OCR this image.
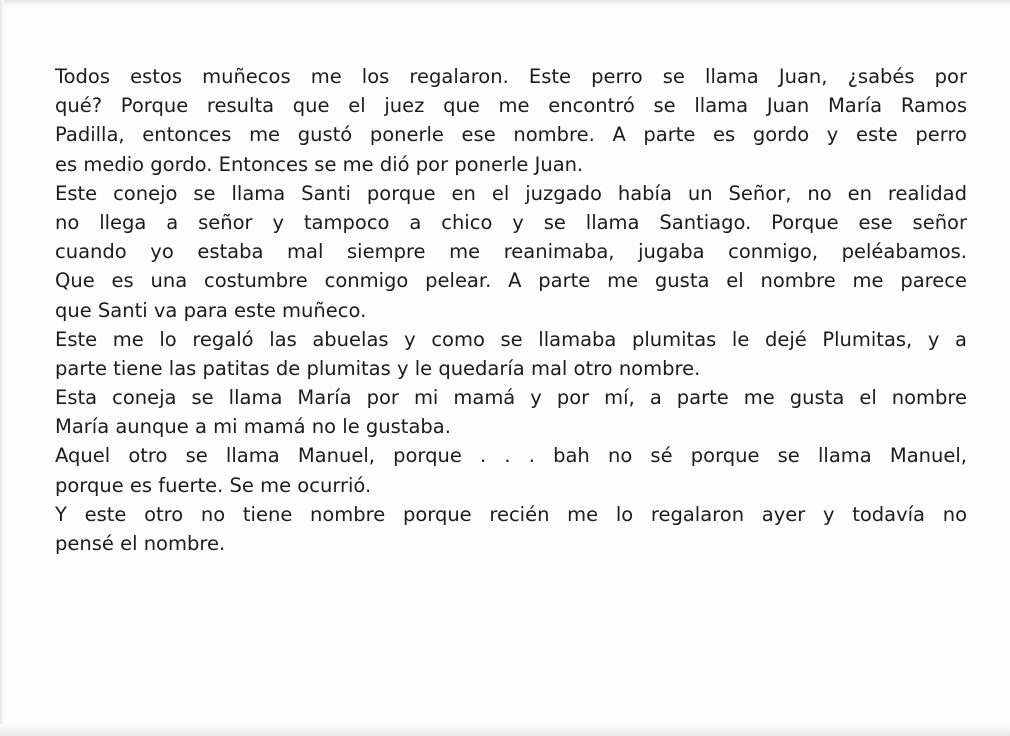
Todos estos muñecos me los regalaron. Este perro se llama Juan, ¿sabés por
qué? Porque resulta que el juez que me encontró se llama Juan María Ramos
Padilla, entonces me gustó ponerle ese nombre. A parte es gordo y este perro
es medio gordo. Entonces se me dió por ponerle Juan.
Este conejo se llama Santi porque en el juzgado había un Señor, no en realidad
no llega a señor y tampoco a chico y se llama Santiago. Porque ese señor
cuando yo estaba mal siempre me reanimaba, jugaba conmigo, peléabamos.
Que es una costumbre conmigo pelear. A parte me gusta el nombre me parece
que Santi va para este muñeco.
Este me lo regaló las abuelas y como se llamaba plumitas le dejé Plumitas, y a
parte tiene las patitas de plumitas y le quedaría mal otro nombre.
Esta coneja se llama María por mi mamá y por mí, a parte me gusta el nombre
María aunque a mi mamá no le gustaba.
Aquel otro se llama Manuel, porque . . . bah no sé porque se llama Manuel,
porque es fuerte. Se me ocurrió.
Y este otro no tiene nombre porque recién me lo regalaron ayer y todavía no
pensé el nombre.
